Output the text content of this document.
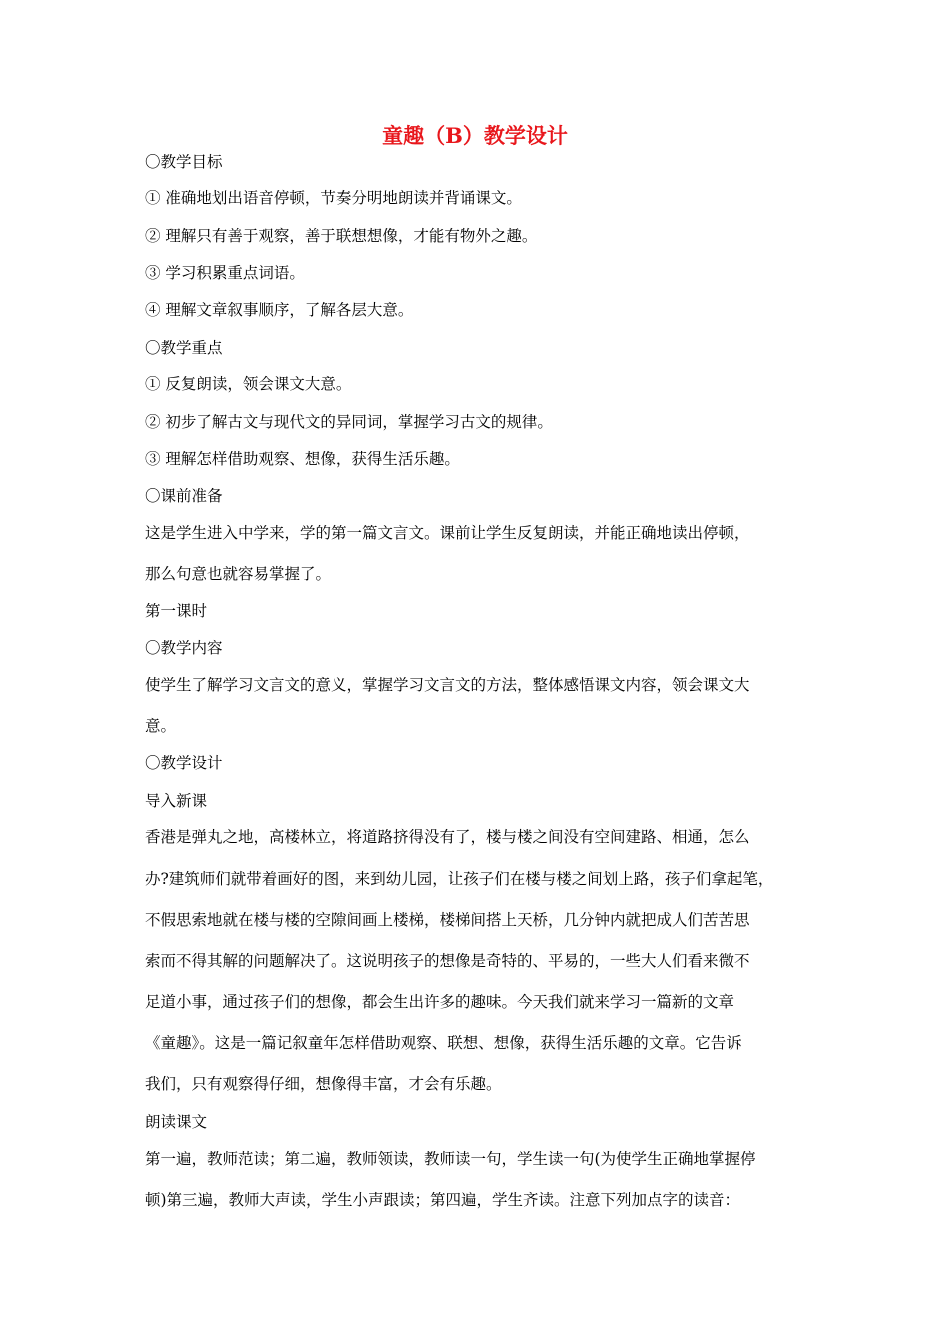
童趣（B）教学设计
〇教学目标
① 准确地划出语音停顿，节奏分明地朗读并背诵课文。
② 理解只有善于观察，善于联想想像，才能有物外之趣。
③ 学习积累重点词语。
④ 理解文章叙事顺序，了解各层大意。
〇教学重点
① 反复朗读，领会课文大意。
② 初步了解古文与现代文的异同词，掌握学习古文的规律。
③ 理解怎样借助观察、想像，获得生活乐趣。
〇课前准备
这是学生进入中学来，学的第一篇文言文。课前让学生反复朗读，并能正确地读出停顿，
那么句意也就容易掌握了。
第一课时
〇教学内容
使学生了解学习文言文的意义，掌握学习文言文的方法，整体感悟课文内容，领会课文大
意。
〇教学设计
导入新课
香港是弹丸之地，高楼林立，将道路挤得没有了，楼与楼之间没有空间建路、相通，怎么
办?建筑师们就带着画好的图，来到幼儿园，让孩子们在楼与楼之间划上路，孩子们拿起笔，
不假思索地就在楼与楼的空隙间画上楼梯，楼梯间搭上天桥，几分钟内就把成人们苦苦思
索而不得其解的问题解决了。这说明孩子的想像是奇特的、平易的，一些大人们看来微不
足道小事，通过孩子们的想像，都会生出许多的趣味。今天我们就来学习一篇新的文章
《童趣》。这是一篇记叙童年怎样借助观察、联想、想像，获得生活乐趣的文章。它告诉
我们，只有观察得仔细，想像得丰富，才会有乐趣。
朗读课文
第一遍，教师范读；第二遍，教师领读，教师读一句，学生读一句(为使学生正确地掌握停
顿)第三遍，教师大声读，学生小声跟读；第四遍，学生齐读。注意下列加点字的读音：
